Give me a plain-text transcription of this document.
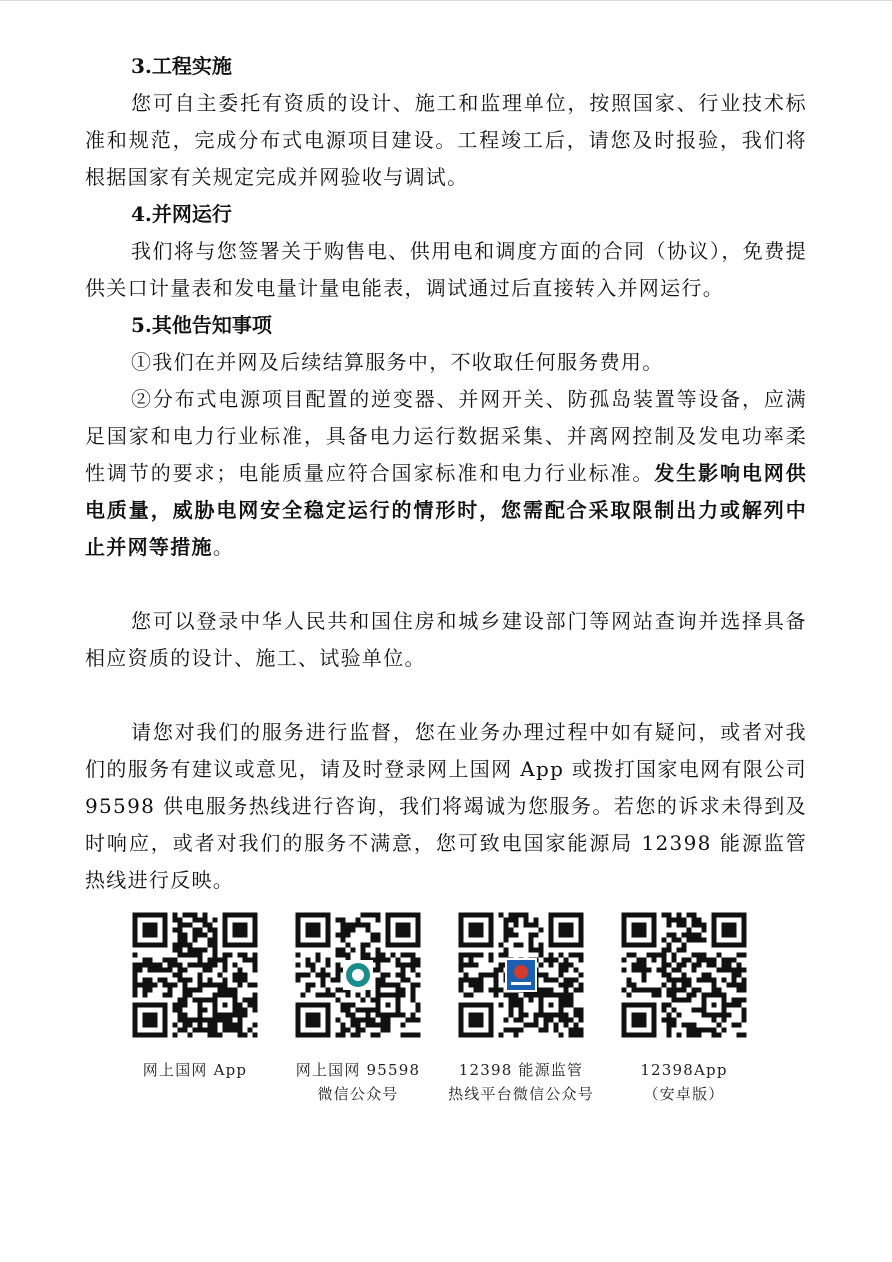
3.工程实施

您可自主委托有资质的设计、施工和监理单位，按照国家、行业技术标准和规范，完成分布式电源项目建设。工程竣工后，请您及时报验，我们将根据国家有关规定完成并网验收与调试。

4.并网运行

我们将与您签署关于购售电、供用电和调度方面的合同（协议），免费提供关口计量表和发电量计量电能表，调试通过后直接转入并网运行。

5.其他告知事项

①我们在并网及后续结算服务中，不收取任何服务费用。

②分布式电源项目配置的逆变器、并网开关、防孤岛装置等设备，应满足国家和电力行业标准，具备电力运行数据采集、并离网控制及发电功率柔性调节的要求；电能质量应符合国家标准和电力行业标准。发生影响电网供电质量，威胁电网安全稳定运行的情形时，您需配合采取限制出力或解列中止并网等措施。

您可以登录中华人民共和国住房和城乡建设部门等网站查询并选择具备相应资质的设计、施工、试验单位。

请您对我们的服务进行监督，您在业务办理过程中如有疑问，或者对我们的服务有建议或意见，请及时登录网上国网 App 或拨打国家电网有限公司 95598 供电服务热线进行咨询，我们将竭诚为您服务。若您的诉求未得到及时响应，或者对我们的服务不满意，您可致电国家能源局 12398 能源监管热线进行反映。

网上国网 App	网上国网 95598
微信公众号
12398 能源监管
热线平台微信公众号
12398App
（安卓版）
